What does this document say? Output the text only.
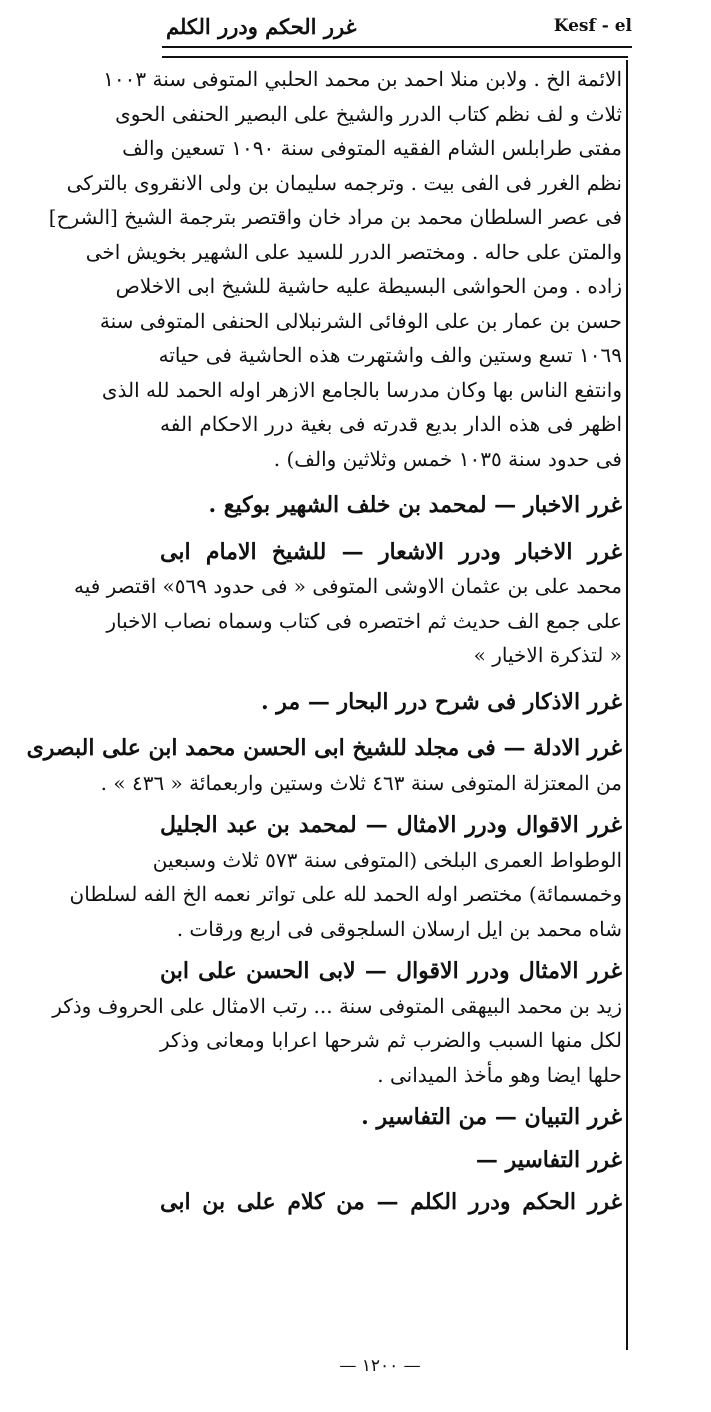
غرر الحكم ودرر الكلم	Kesf - el
الائمة الخ . ولابن منلا احمد بن محمد الحلبي المتوفى سنة ١٠٠٣
ثلاث و لف نظم كتاب الدرر والشيخ على البصير الحنفى الحوى
مفتى طرابلس الشام الفقيه المتوفى سنة ١٠٩٠ تسعين والف
نظم الغرر فى الفى بيت . وترجمه سليمان بن ولى الانقروى بالتركى
فى عصر السلطان محمد بن مراد خان واقتصر بترجمة الشيخ [الشرح]
والمتن على حاله . ومختصر الدرر للسيد على الشهير بخويش اخى
زاده . ومن الحواشى البسيطة عليه حاشية للشيخ ابى الاخلاص
حسن بن عمار بن على الوفائى الشرنبلالى الحنفى المتوفى سنة
١٠٦٩ تسع وستين والف واشتهرت هذه الحاشية فى حياته
وانتفع الناس بها وكان مدرسا بالجامع الازهر اوله الحمد لله الذى
اظهر فى هذه الدار بديع قدرته فى بغية درر الاحكام الفه
فى حدود سنة ١٠٣٥ خمس وثلاثين والف) .
غرر الاخبار — لمحمد بن خلف الشهير بوكيع .
غرر الاخبار ودرر الاشعار — للشيخ الامام ابى
محمد على بن عثمان الاوشى المتوفى « فى حدود ٥٦٩» اقتصر فيه
على جمع الف حديث ثم اختصره فى كتاب وسماه نصاب الاخبار
« لتذكرة الاخيار »
غرر الاذكار فى شرح درر البحار — مر .
غرر الادلة — فى مجلد للشيخ ابى الحسن محمد ابن على البصرى
من المعتزلة المتوفى سنة ٤٦٣ ثلاث وستين واربعمائة « ٤٣٦ » .
غرر الاقوال ودرر الامثال — لمحمد بن عبد الجليل
الوطواط العمرى البلخى (المتوفى سنة ٥٧٣ ثلاث وسبعين
وخمسمائة) مختصر اوله الحمد لله على تواتر نعمه الخ الفه لسلطان
شاه محمد بن ايل ارسلان السلجوقى فى اربع ورقات .
غرر الامثال ودرر الاقوال — لابى الحسن على ابن
زيد بن محمد البيهقى المتوفى سنة ... رتب الامثال على الحروف وذكر
لكل منها السبب والضرب ثم شرحها اعرابا ومعانى وذكر
حلها ايضا وهو مأخذ الميدانى .
غرر التبيان — من التفاسير .
غرر التفاسير —
غرر الحكم ودرر الكلم — من كلام على بن ابى
— ١٢٠٠ —
